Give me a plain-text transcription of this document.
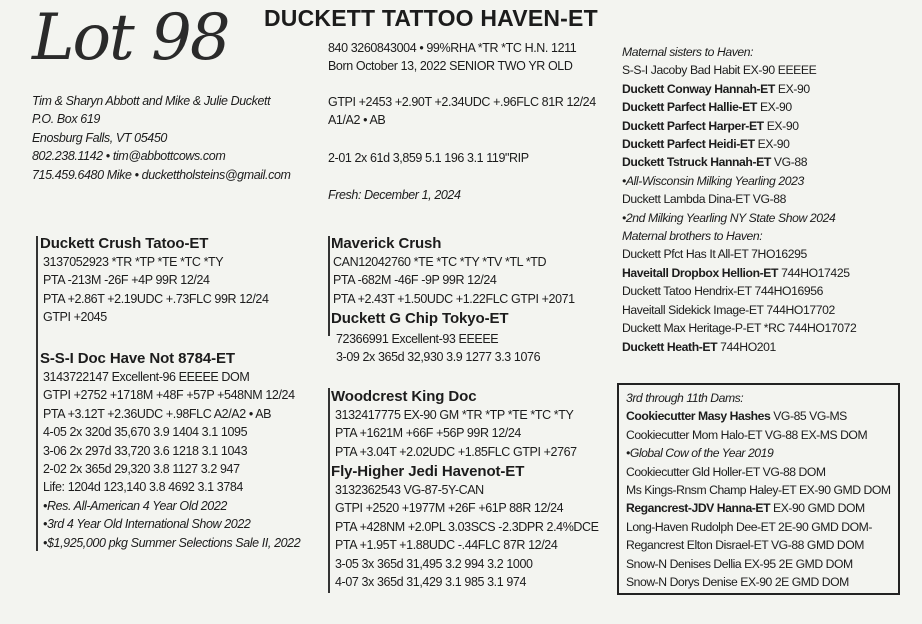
Lot 98 DUCKETT TATTOO HAVEN-ET
Tim & Sharyn Abbott and Mike & Julie Duckett
P.O. Box 619
Enosburg Falls, VT 05450
802.238.1142 • tim@abbottcows.com
715.459.6480 Mike • duckettholsteins@gmail.com
840 3260843004 • 99%RHA *TR *TC H.N. 1211
Born October 13, 2022 SENIOR TWO YR OLD
GTPI +2453 +2.90T +2.34UDC +.96FLC 81R 12/24
A1/A2 • AB
2-01 2x 61d 3,859 5.1 196 3.1 119"RIP
Fresh: December 1, 2024
Duckett Crush Tatoo-ET
3137052923 *TR *TP *TE *TC *TY
PTA -213M -26F +4P 99R 12/24
PTA +2.86T +2.19UDC +.73FLC 99R 12/24
GTPI +2045
S-S-I Doc Have Not 8784-ET
3143722147 Excellent-96 EEEEE DOM
GTPI +2752 +1718M +48F +57P +548NM 12/24
PTA +3.12T +2.36UDC +.98FLC A2/A2 • AB
4-05 2x 320d 35,670 3.9 1404 3.1 1095
3-06 2x 297d 33,720 3.6 1218 3.1 1043
2-02 2x 365d 29,320 3.8 1127 3.2 947
Life: 1204d 123,140 3.8 4692 3.1 3784
•Res. All-American 4 Year Old 2022
•3rd 4 Year Old International Show 2022
•$1,925,000 pkg Summer Selections Sale II, 2022
Maverick Crush
CAN12042760 *TE *TC *TY *TV *TL *TD
PTA -682M -46F -9P 99R 12/24
PTA +2.43T +1.50UDC +1.22FLC GTPI +2071
Duckett G Chip Tokyo-ET
72366991 Excellent-93 EEEEE
3-09 2x 365d 32,930 3.9 1277 3.3 1076
Woodcrest King Doc
3132417775 EX-90 GM *TR *TP *TE *TC *TY
PTA +1621M +66F +56P 99R 12/24
PTA +3.04T +2.02UDC +1.85FLC GTPI +2767
Fly-Higher Jedi Havenot-ET
3132362543 VG-87-5Y-CAN
GTPI +2520 +1977M +26F +61P 88R 12/24
PTA +428NM +2.0PL 3.03SCS -2.3DPR 2.4%DCE
PTA +1.95T +1.88UDC -.44FLC 87R 12/24
3-05 3x 365d 31,495 3.2 994 3.2 1000
4-07 3x 365d 31,429 3.1 985 3.1 974
Maternal sisters to Haven:
S-S-I Jacoby Bad Habit EX-90 EEEEE
Duckett Conway Hannah-ET EX-90
Duckett Parfect Hallie-ET EX-90
Duckett Parfect Harper-ET EX-90
Duckett Parfect Heidi-ET EX-90
Duckett Tstruck Hannah-ET VG-88
•All-Wisconsin Milking Yearling 2023
Duckett Lambda Dina-ET VG-88
•2nd Milking Yearling NY State Show 2024
Maternal brothers to Haven:
Duckett Pfct Has It All-ET 7HO16295
Haveitall Dropbox Hellion-ET 744HO17425
Duckett Tatoo Hendrix-ET 744HO16956
Haveitall Sidekick Image-ET 744HO17702
Duckett Max Heritage-P-ET *RC 744HO17072
Duckett Heath-ET 744HO201
3rd through 11th Dams:
Cookiecutter Masy Hashes VG-85 VG-MS
Cookiecutter Mom Halo-ET VG-88 EX-MS DOM
•Global Cow of the Year 2019
Cookiecutter Gld Holler-ET VG-88 DOM
Ms Kings-Rnsm Champ Haley-ET EX-90 GMD DOM
Regancrest-JDV Hanna-ET EX-90 GMD DOM
Long-Haven Rudolph Dee-ET 2E-90 GMD DOM-
Regancrest Elton Disrael-ET VG-88 GMD DOM
Snow-N Denises Dellia EX-95 2E GMD DOM
Snow-N Dorys Denise EX-90 2E GMD DOM
